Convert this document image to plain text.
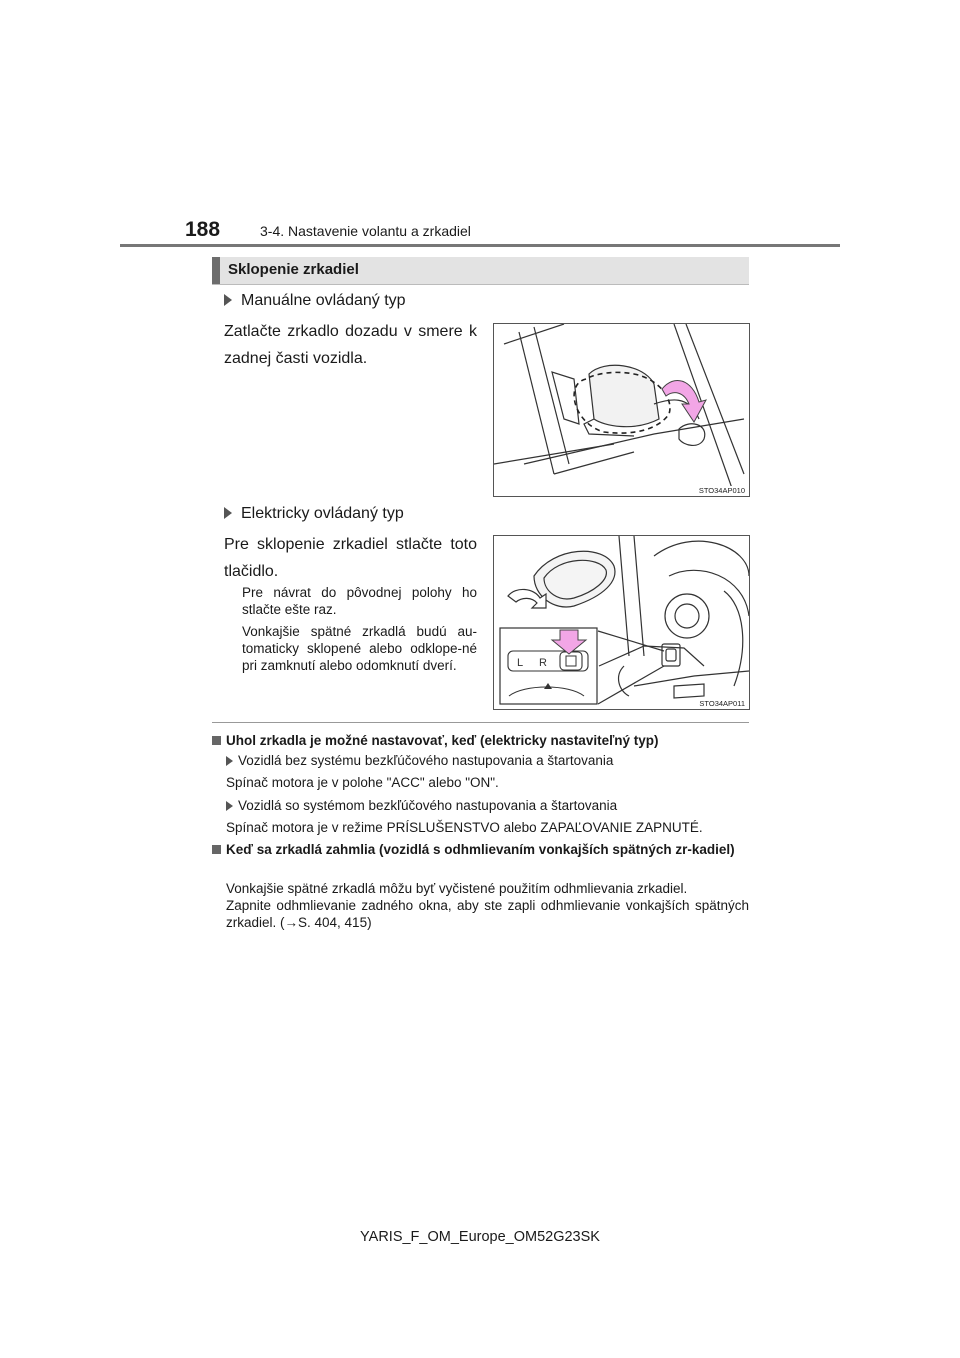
188	3-4. Nastavenie volantu a zrkadiel
Sklopenie zrkadiel
Manuálne ovládaný typ
Zatlačte zrkadlo dozadu v smere k zadnej časti vozidla.
STO34AP010
Elektricky ovládaný typ
Pre sklopenie zrkadiel stlačte toto tlačidlo.
Pre návrat do pôvodnej polohy ho stlačte ešte raz.
Vonkajšie spätné zrkadlá budú au-tomaticky sklopené alebo odklope-né pri zamknutí alebo odomknutí dverí.	L R
STO34AP011
Uhol zrkadla je možné nastavovať, keď (elektricky nastaviteľný typ)
Vozidlá bez systému bezkľúčového nastupovania a štartovania
Spínač motora je v polohe "ACC" alebo "ON".
Vozidlá so systémom bezkľúčového nastupovania a štartovania
Spínač motora je v režime PRÍSLUŠENSTVO alebo ZAPAĽOVANIE ZAPNUTÉ.
Keď sa zrkadlá zahmlia (vozidlá s odhmlievaním vonkajších spätných zr-kadiel)
Vonkajšie spätné zrkadlá môžu byť vyčistené použitím odhmlievania zrkadiel.
Zapnite odhmlievanie zadného okna, aby ste zapli odhmlievanie vonkajších spätných zrkadiel. (→S. 404, 415)
YARIS_F_OM_Europe_OM52G23SK
